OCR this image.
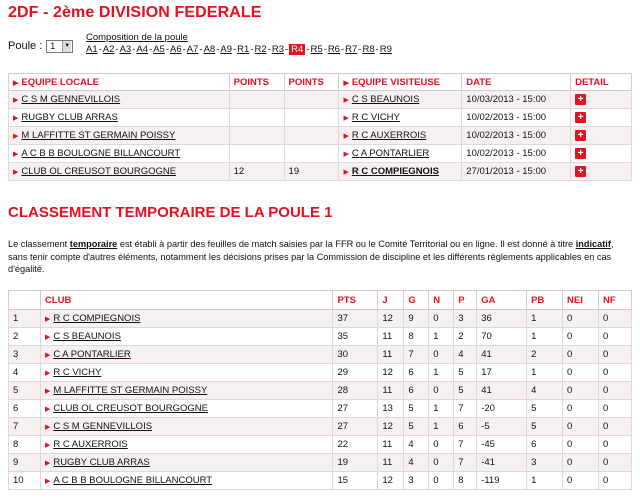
2DF - 2ème DIVISION FEDERALE
Poule : 1	▼
Composition de la poule
A1 - A2 - A3 - A4 - A5 - A6 - A7 - A8 - A9 - R1 - R2 - R3 - R4 - R5 - R6 - R7 - R8 - R9
▶ EQUIPE LOCALE	POINTS	POINTS	▶ EQUIPE VISITEUSE	DATE	DETAIL
▶ C S M GENNEVILLOIS			▶ C S BEAUNOIS	10/03/2013 - 15:00	+
▶ RUGBY CLUB ARRAS			▶ R C VICHY	10/02/2013 - 15:00	+
▶ M LAFFITTE ST GERMAIN POISSY			▶ R C AUXERROIS	10/02/2013 - 15:00	+
▶ A C B B BOULOGNE BILLANCOURT			▶ C A PONTARLIER	10/02/2013 - 15:00	+
▶ CLUB OL CREUSOT BOURGOGNE	12	19	▶ R C COMPIEGNOIS	27/01/2013 - 15:00	+
CLASSEMENT TEMPORAIRE DE LA POULE 1
Le classement temporaire est établi à partir des feuilles de match saisies par la FFR ou le Comité Territorial ou en ligne. Il est donné à titre indicatif, sans tenir compte d'autres éléments, notamment les décisions prises par la Commission de discipline et les différents règlements applicables en cas d'égalité.
	CLUB	PTS	J	G	N	P	GA	PB	NEI	NF
1	▶ R C COMPIEGNOIS	37	12	9	0	3	36	1	0	0
2	▶ C S BEAUNOIS	35	11	8	1	2	70	1	0	0
3	▶ C A PONTARLIER	30	11	7	0	4	41	2	0	0
4	▶ R C VICHY	29	12	6	1	5	17	1	0	0
5	▶ M LAFFITTE ST GERMAIN POISSY	28	11	6	0	5	41	4	0	0
6	▶ CLUB OL CREUSOT BOURGOGNE	27	13	5	1	7	-20	5	0	0
7	▶ C S M GENNEVILLOIS	27	12	5	1	6	-5	5	0	0
8	▶ R C AUXERROIS	22	11	4	0	7	-45	6	0	0
9	▶ RUGBY CLUB ARRAS	19	11	4	0	7	-41	3	0	0
10	▶ A C B B BOULOGNE BILLANCOURT	15	12	3	0	8	-119	1	0	0
